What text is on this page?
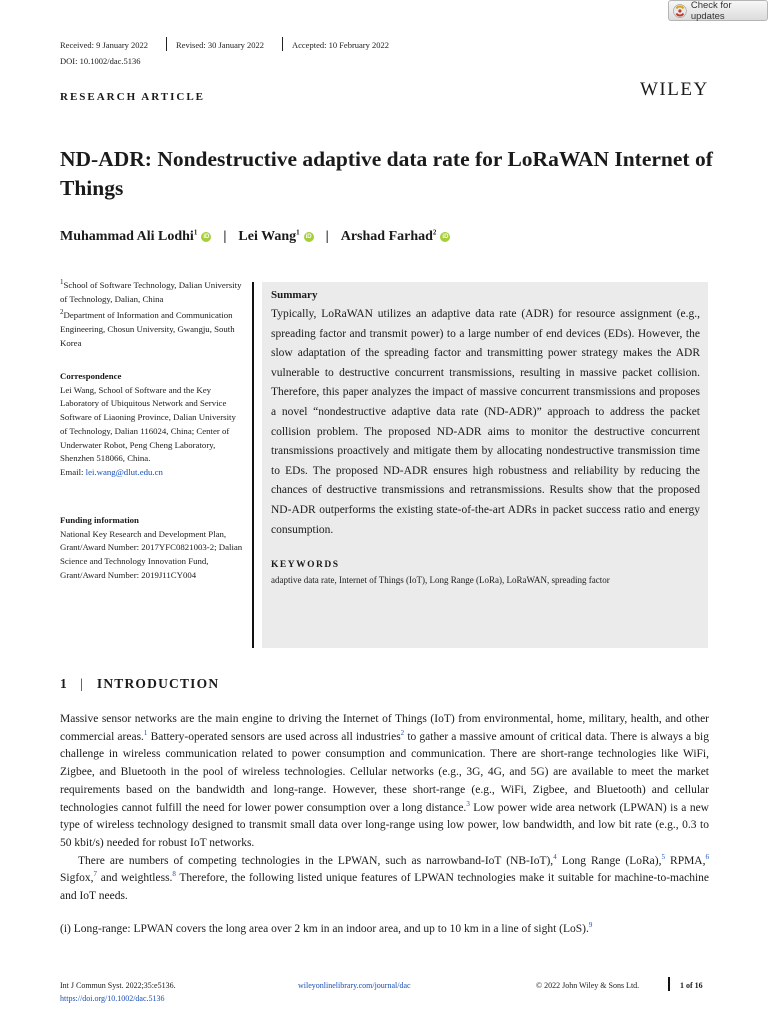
Check for updates
Received: 9 January 2022	Revised: 30 January 2022	Accepted: 10 February 2022
DOI: 10.1002/dac.5136
RESEARCH ARTICLE	WILEY
ND-ADR: Nondestructive adaptive data rate for LoRaWAN Internet of Things
Muhammad Ali Lodhi$^1$
iD | Lei Wang$^1$
iD | Arshad Farhad$^2$
iD

$^1$School of Software Technology, Dalian University of Technology, Dalian, China

$^2$Department of Information and Communication Engineering, Chosun University, Gwangju, South Korea

Correspondence

Lei Wang, School of Software and the Key Laboratory of Ubiquitous Network and Service Software of Liaoning Province, Dalian University of Technology, Dalian 116024, China; Center of Underwater Robot, Peng Cheng Laboratory, Shenzhen 518066, China.

Email: lei.wang@dlut.edu.cn

Funding information

National Key Research and Development Plan, Grant/Award Number: 2017YFC0821003-2; Dalian Science and Technology Innovation Fund, Grant/Award Number: 2019J11CY004

Summary

Typically, LoRaWAN utilizes an adaptive data rate (ADR) for resource assignment (e.g., spreading factor and transmit power) to a large number of end devices (EDs). However, the slow adaptation of the spreading factor and transmitting power strategy makes the ADR vulnerable to destructive concurrent transmissions, resulting in massive packet collision. Therefore, this paper analyzes the impact of massive concurrent transmissions and proposes a novel “nondestructive adaptive data rate (ND-ADR)” approach to address the packet collision problem. The proposed ND-ADR aims to monitor the destructive concurrent transmissions proactively and mitigate them by allocating nondestructive transmission time to EDs. The proposed ND-ADR ensures high robustness and reliability by reducing the chances of destructive transmissions and retransmissions. Results show that the proposed ND-ADR outperforms the existing state-of-the-art ADRs in packet success ratio and energy consumption.

KEYWORDS

adaptive data rate, Internet of Things (IoT), Long Range (LoRa), LoRaWAN, spreading factor

1 | INTRODUCTION

Massive sensor networks are the main engine to driving the Internet of Things (IoT) from environmental, home, military, health, and other commercial areas.$^1$ Battery-operated sensors are used across all industries$^2$ to gather a massive amount of critical data. There is always a big challenge in wireless communication related to power consumption and communication. There are short-range technologies like WiFi, Zigbee, and Bluetooth in the pool of wireless technologies. Cellular networks (e.g., 3G, 4G, and 5G) are available to meet the market requirements based on the bandwidth and long-range. However, these short-range (e.g., WiFi, Zigbee, and Bluetooth) and cellular technologies cannot fulfill the need for lower power consumption over a long distance.$^3$ Low power wide area network (LPWAN) is a new type of wireless technology designed to transmit small data over long-range using low power, low bandwidth, and low bit rate (e.g., 0.3 to 50 kbit/s) needed for robust IoT networks.

There are numbers of competing technologies in the LPWAN, such as narrowband-IoT (NB-IoT),$^4$ Long Range (LoRa),$^5$ RPMA,$^6$ Sigfox,$^7$ and weightless.$^8$ Therefore, the following listed unique features of LPWAN technologies make it suitable for machine-to-machine and IoT needs.

(i) Long-range: LPWAN covers the long area over 2 km in an indoor area, and up to 10 km in a line of sight (LoS).$^9$

Int J Commun Syst. 2022;35:e5136.
https://doi.org/10.1002/dac.5136
wileyonlinelibrary.com/journal/dac	© 2022 John Wiley & Sons Ltd.	1 of 16
